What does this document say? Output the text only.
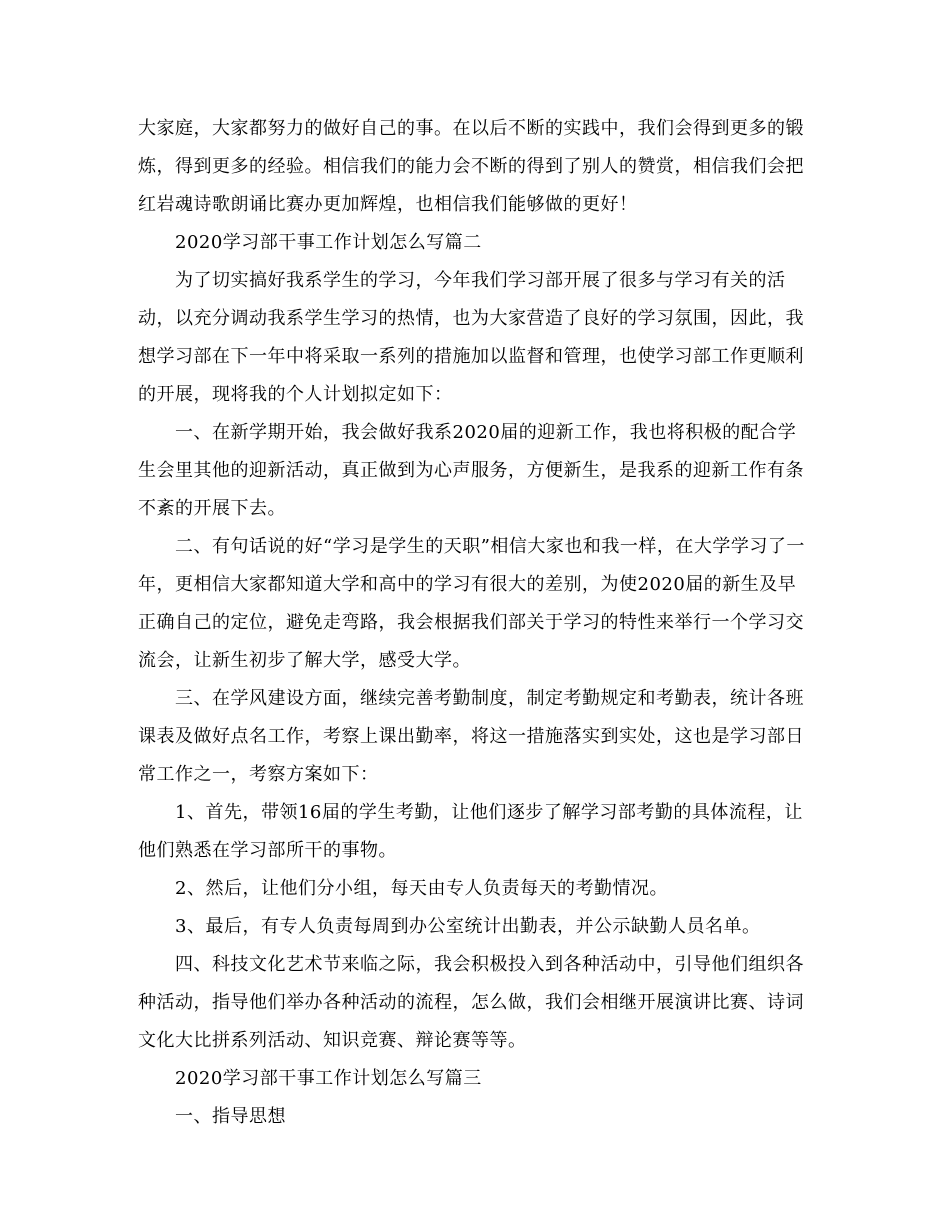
大家庭，大家都努力的做好自己的事。在以后不断的实践中，我们会得到更多的锻
炼，得到更多的经验。相信我们的能力会不断的得到了别人的赞赏，相信我们会把
红岩魂诗歌朗诵比赛办更加辉煌，也相信我们能够做的更好！
2020学习部干事工作计划怎么写篇二
为了切实搞好我系学生的学习，今年我们学习部开展了很多与学习有关的活
动，以充分调动我系学生学习的热情，也为大家营造了良好的学习氛围，因此，我
想学习部在下一年中将采取一系列的措施加以监督和管理，也使学习部工作更顺利
的开展，现将我的个人计划拟定如下：
一、在新学期开始，我会做好我系2020届的迎新工作，我也将积极的配合学
生会里其他的迎新活动，真正做到为心声服务，方便新生，是我系的迎新工作有条
不紊的开展下去。
二、有句话说的好“学习是学生的天职”相信大家也和我一样，在大学学习了一
年，更相信大家都知道大学和高中的学习有很大的差别，为使2020届的新生及早
正确自己的定位，避免走弯路，我会根据我们部关于学习的特性来举行一个学习交
流会，让新生初步了解大学，感受大学。
三、在学风建设方面，继续完善考勤制度，制定考勤规定和考勤表，统计各班
课表及做好点名工作，考察上课出勤率，将这一措施落实到实处，这也是学习部日
常工作之一，考察方案如下：
1、首先，带领16届的学生考勤，让他们逐步了解学习部考勤的具体流程，让
他们熟悉在学习部所干的事物。
2、然后，让他们分小组，每天由专人负责每天的考勤情况。
3、最后，有专人负责每周到办公室统计出勤表，并公示缺勤人员名单。
四、科技文化艺术节来临之际，我会积极投入到各种活动中，引导他们组织各
种活动，指导他们举办各种活动的流程，怎么做，我们会相继开展演讲比赛、诗词
文化大比拼系列活动、知识竞赛、辩论赛等等。
2020学习部干事工作计划怎么写篇三
一、指导思想
